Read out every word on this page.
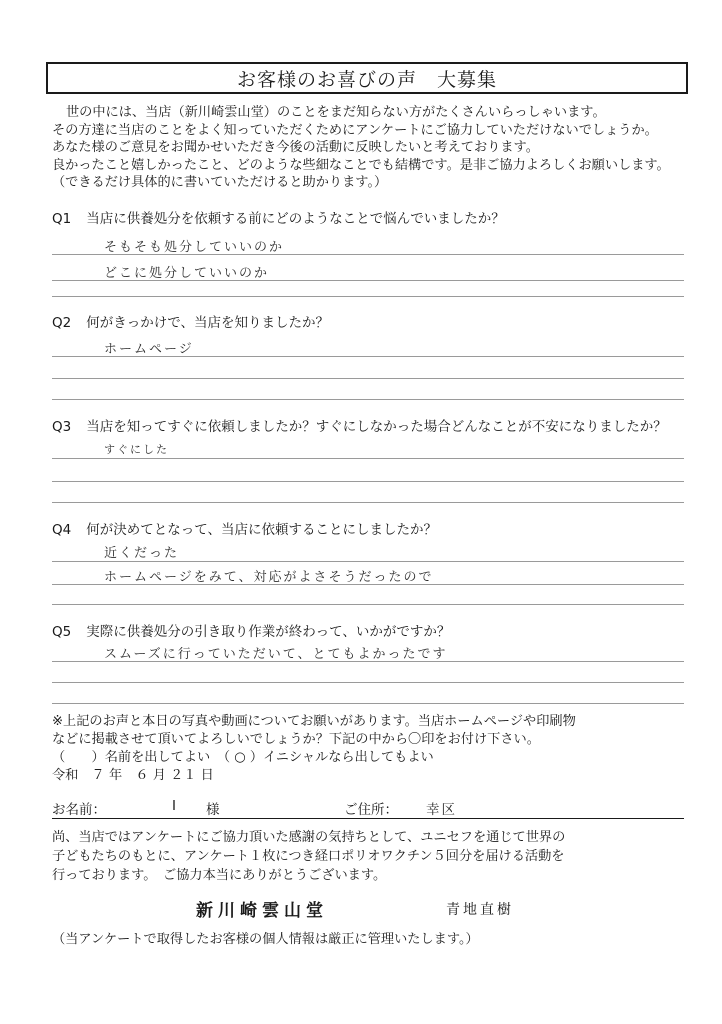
お客様のお喜びの声　大募集
世の中には、当店（新川崎雲山堂）のことをまだ知らない方がたくさんいらっしゃいます。
その方達に当店のことをよく知っていただくためにアンケートにご協力していただけないでしょうか。
あなた様のご意見をお聞かせいただき今後の活動に反映したいと考えております。
良かったこと嬉しかったこと、どのような些細なことでも結構です。是非ご協力よろしくお願いします。
（できるだけ具体的に書いていただけると助かります。）
Q1 当店に供養処分を依頼する前にどのようなことで悩んでいましたか？
そもそも処分していいのか
どこに処分していいのか
Q2 何がきっかけで、当店を知りましたか？
ホームページ
Q3 当店を知ってすぐに依頼しましたか？すぐにしなかった場合どんなことが不安になりましたか？
すぐにした
Q4 何が決めてとなって、当店に依頼することにしましたか？
近くだった
ホームページをみて、対応がよさそうだったので
Q5 実際に供養処分の引き取り作業が終わって、いかがですか？
スムーズに行っていただいて、とてもよかったです
※上記のお声と本日の写真や動画についてお願いがあります。当店ホームページや印刷物
などに掲載させて頂いてよろしいでしょうか？下記の中から〇印をお付け下さい。
（　　）名前を出してよい　（ ○ ）イニシャルなら出してもよい
令和　７ 年　６ 月 ２１ 日
お名前：	I 様	ご住所： 幸区
尚、当店ではアンケートにご協力頂いた感謝の気持ちとして、ユニセフを通じて世界の
子どもたちのもとに、アンケート１枚につき経口ポリオワクチン５回分を届ける活動を
行っております。　ご協力本当にありがとうございます。
新川崎雲山堂	青地直樹
（当アンケートで取得したお客様の個人情報は厳正に管理いたします。）
